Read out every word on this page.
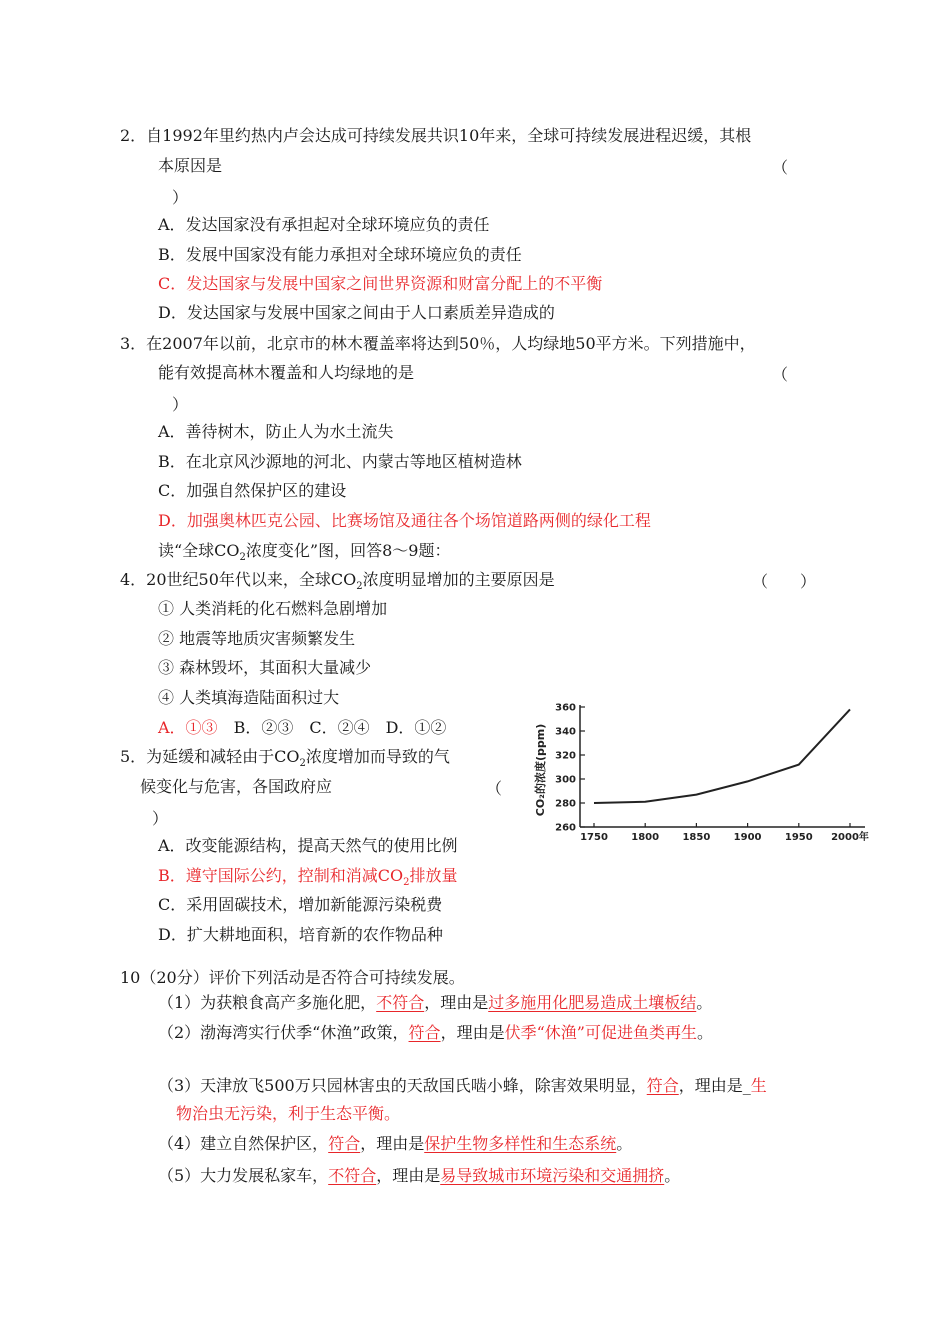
2．自1992年里约热内卢会达成可持续发展共识10年来，全球可持续发展进程迟缓，其根
本原因是	（
）
A．发达国家没有承担起对全球环境应负的责任
B．发展中国家没有能力承担对全球环境应负的责任
C．发达国家与发展中国家之间世界资源和财富分配上的不平衡
D．发达国家与发展中国家之间由于人口素质差异造成的
3．在2007年以前，北京市的林木覆盖率将达到50％，人均绿地50平方米。下列措施中，
能有效提高林木覆盖和人均绿地的是	（
）
A．善待树木，防止人为水土流失
B．在北京风沙源地的河北、内蒙古等地区植树造林
C．加强自然保护区的建设
D．加强奥林匹克公园、比赛场馆及通往各个场馆道路两侧的绿化工程
读“全球$CO_2$浓度变化”图，回答8～9题：
4．20世纪50年代以来，全球$CO_2$浓度明显增加的主要原因是	（　　）
① 人类消耗的化石燃料急剧增加
② 地震等地质灾害频繁发生
③ 森林毁坏，其面积大量减少
④ 人类填海造陆面积过大
A．①③　 B．②③　C．②④　D．①②
5．为延缓和减轻由于$CO_2$浓度增加而导致的气
候变化与危害，各国政府应	（
）
A．改变能源结构，提高天然气的使用比例
B．遵守国际公约，控制和消减$CO_2$排放量
C．采用固碳技术，增加新能源污染税费
D．扩大耕地面积，培育新的农作物品种
CO₂的浓度(ppm)
260
280
300
320
340
360
1750 1800 1850 1900 1950 2000年
10（20分）评价下列活动是否符合可持续发展。
（1）为获粮食高产多施化肥，不符合，理由是过多施用化肥易造成土壤板结。
（2）渤海湾实行伏季“休渔”政策，符合，理由是伏季“休渔”可促进鱼类再生。
（3）天津放飞500万只园林害虫的天敌国氏啮小蜂，除害效果明显，符合，理由是_生
物治虫无污染，利于生态平衡。
（4）建立自然保护区，符合，理由是保护生物多样性和生态系统。
（5）大力发展私家车，不符合，理由是易导致城市环境污染和交通拥挤。
